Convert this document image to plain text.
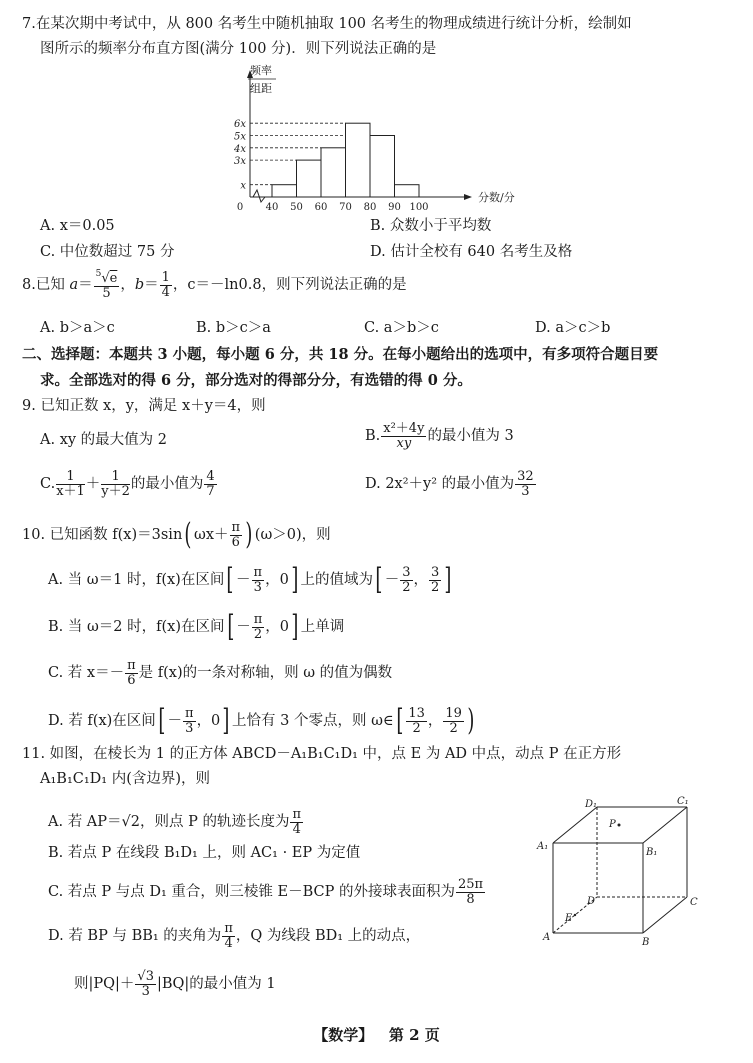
7.在某次期中考试中，从 800 名考生中随机抽取 100 名考生的物理成绩进行统计分析，绘制如
图所示的频率分布直方图(满分 100 分)．则下列说法正确的是
x
3x
4x
5x
6x
0 40 50 60 70 80 90 100
频率
组距
分数/分
A. x＝0.05	B. 众数小于平均数
C. 中位数超过 75 分	D. 估计全校有 640 名考生及格
8.已知 $a= \frac{^5√e}{5}$ ，$b= \frac{1}{4}$ ，c＝－ln0.8，则下列说法正确的是
A. b＞a＞c	B. b＞c＞a	C. a＞b＞c	D. a＞c＞b
二、选择题：本题共 3 小题，每小题 6 分，共 18 分。在每小题给出的选项中，有多项符合题目要
求。全部选对的得 6 分，部分选对的得部分分，有选错的得 0 分。
9. 已知正数 x，y，满足 x＋y＝4，则
A. xy 的最大值为 2	B. $\frac{\text{x²＋4y}}{xy}$ 的最小值为 3
C. $\frac{1}{x+1} + \frac{1}{y+2}$ 的最小值为 $\frac{4}{7}$	D. 2x²＋y² 的最小值为 $\frac{32}{3}$
10. 已知函数 f(x)＝3sin( $\omega x+ \frac{\pi}{6}$ ) (ω＞0)，则
A. 当 ω＝1 时，f(x)在区间[ － $\frac{\pi}{3}$ ，0] 上的值域为[ － $\frac{3}{2}$ ， $\frac{3}{2}$ ]
B. 当 ω＝2 时，f(x)在区间[ － $\frac{\pi}{2}$ ，0] 上单调
C. 若 $x=- \frac{\pi}{6}$ 是 f(x)的一条对称轴，则 ω 的值为偶数
D. 若 f(x)在区间[ － $\frac{\pi}{3}$ ，0] 上恰有 3 个零点，则 ω∈[ $\frac{13}{2}$ ， $\frac{19}{2}$ )
11. 如图，在棱长为 1 的正方体 ABCD－A₁B₁C₁D₁ 中，点 E 为 AD 中点，动点 P 在正方形
A₁B₁C₁D₁ 内(含边界)，则
A. 若 AP＝√2，则点 P 的轨迹长度为 $\frac{\pi}{4}$
B. 若点 P 在线段 B₁D₁ 上，则 AC₁ · EP 为定值
C. 若点 P 与点 D₁ 重合，则三棱锥 E－BCP 的外接球表面积为 $\frac{25\pi}{8}$
D. 若 BP 与 BB₁ 的夹角为 $\frac{\pi}{4}$ ，Q 为线段 BD₁ 上的动点，
则$|PQ|+ \frac{√3}{3} |BQ|$的最小值为 1
D₁	C₁
P
A₁
B₁
D	C
E
A	B
【数学】 第 2 页
